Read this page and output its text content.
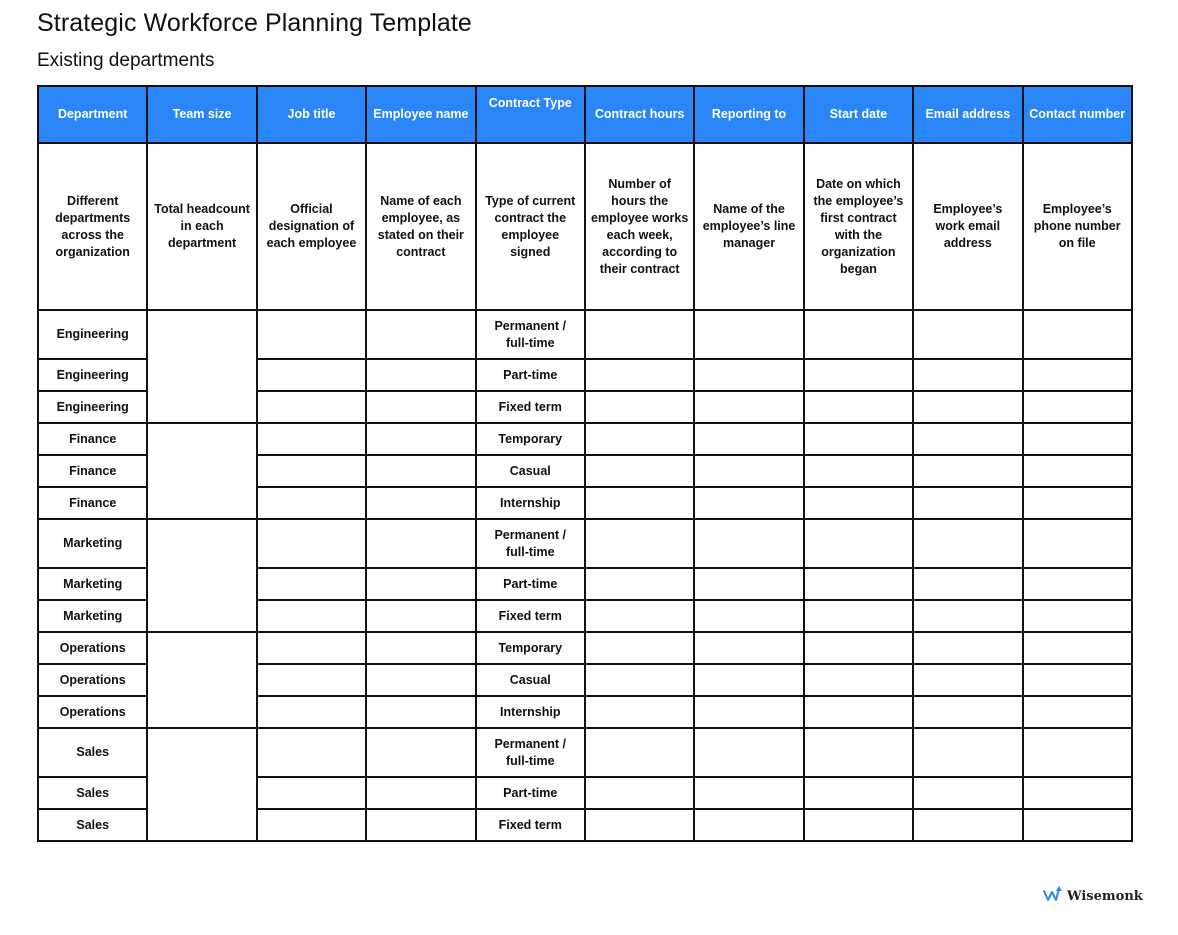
Strategic Workforce Planning Template
Existing departments
Department	Team size	Job title	Employee name	Contract Type	Contract hours	Reporting to	Start date	Email address	Contact number
Different departments across the organization	Total headcount in each department	Official designation of each employee	Name of each employee, as stated on their contract	Type of current contract the employee signed	Number of hours the employee works each week, according to their contract	Name of the employee’s line manager	Date on which the employee’s first contract with the organization began	Employee’s work email address	Employee’s phone number on file
Engineering				Permanent / full-time					
Engineering				Part-time					
Engineering				Fixed term					
Finance				Temporary					
Finance				Casual					
Finance				Internship					
Marketing				Permanent / full-time					
Marketing				Part-time					
Marketing				Fixed term					
Operations				Temporary					
Operations				Casual					
Operations				Internship					
Sales				Permanent / full-time					
Sales				Part-time					
Sales				Fixed term					
Wisemonk
